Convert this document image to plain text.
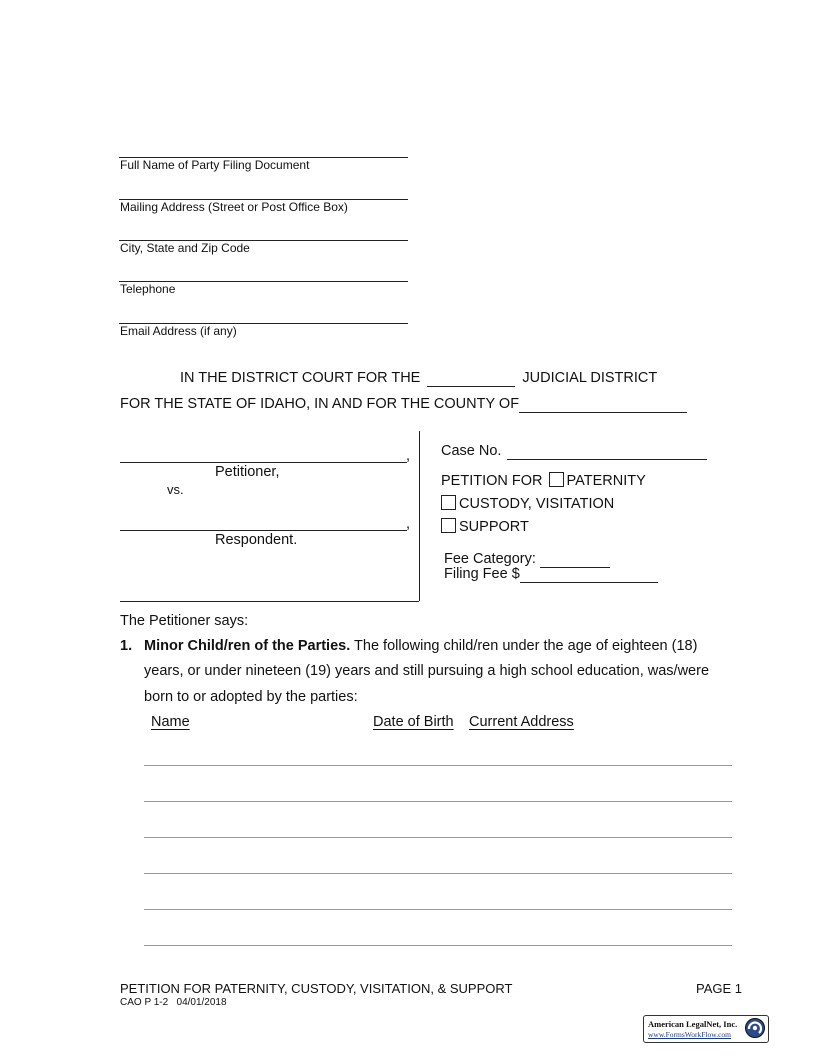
Full Name of Party Filing Document
Mailing Address (Street or Post Office Box)
City, State and Zip Code
Telephone
Email Address (if any)
IN THE DISTRICT COURT FOR THE	JUDICIAL DISTRICT
FOR THE STATE OF IDAHO, IN AND FOR THE COUNTY OF
,
Petitioner,
vs.
,
Respondent.
Case No.
PETITION FOR PATERNITY
CUSTODY, VISITATION
SUPPORT
Fee Category:
Filing Fee $
The Petitioner says:
1. Minor Child/ren of the Parties. The following child/ren under the age of eighteen (18)
years, or under nineteen (19) years and still pursuing a high school education, was/were
born to or adopted by the parties:
Name	Date of Birth Current Address
PETITION FOR PATERNITY, CUSTODY, VISITATION, & SUPPORT	PAGE 1
CAO P 1-2   04/01/2018
American LegalNet, Inc.
www.FormsWorkFlow.com
